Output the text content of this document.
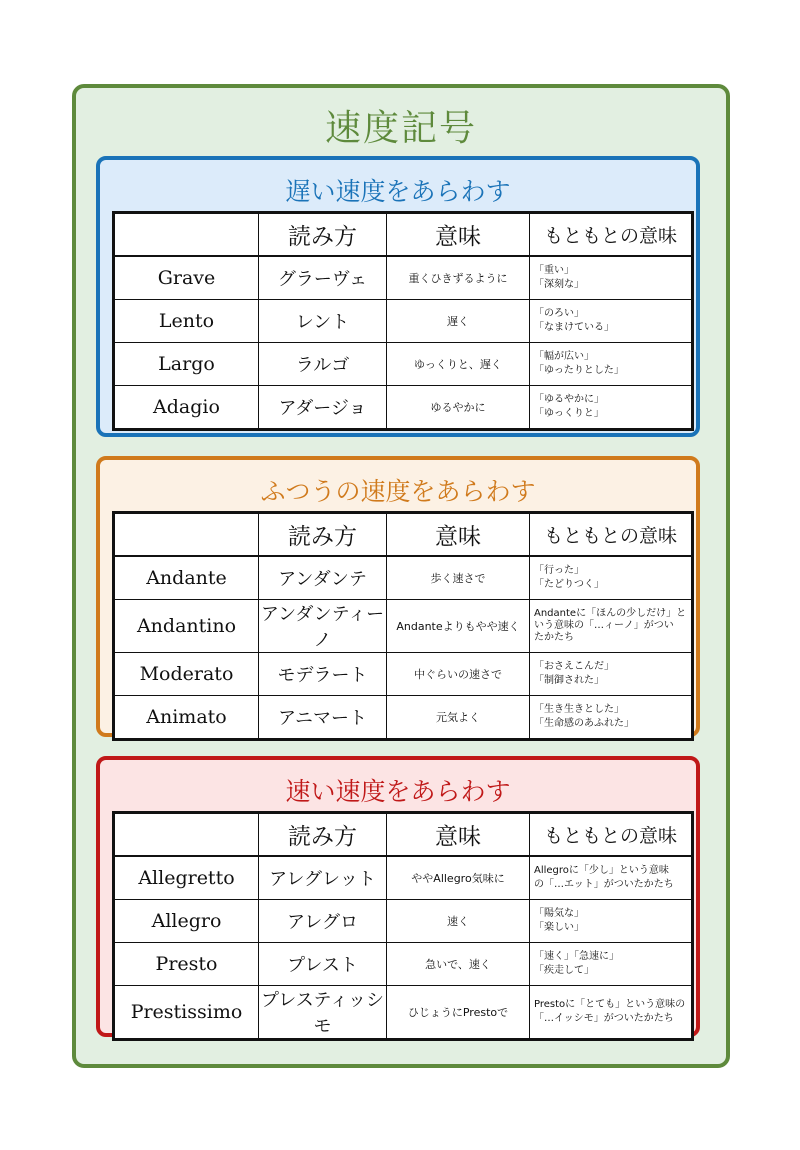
速度記号
遅い速度をあらわす
	読み方	意味	もともとの意味
Grave	グラーヴェ	重くひきずるように	「重い」
「深刻な」

Lento	レント	遅く	「のろい」
「なまけている」

Largo	ラルゴ	ゆっくりと、遅く	「幅が広い」
「ゆったりとした」

Adagio	アダージョ	ゆるやかに	「ゆるやかに」
「ゆっくりと」
ふつうの速度をあらわす
	読み方	意味	もともとの意味
Andante	アンダンテ	歩く速さで	「行った」
「たどりつく」

Andantino	アンダンティーノ	Andanteよりもやや速く	Andanteに「ほんの少しだけ」と
いう意味の「…ィーノ」がつい
たかたち

Moderato	モデラート	中ぐらいの速さで	「おさえこんだ」
「制御された」

Animato	アニマート	元気よく	「生き生きとした」
「生命感のあふれた」
速い速度をあらわす
	読み方	意味	もともとの意味
Allegretto	アレグレット	ややAllegro気味に	Allegroに「少し」という意味
の「…エット」がついたかたち

Allegro	アレグロ	速く	「陽気な」
「楽しい」

Presto	プレスト	急いで、速く	「速く」「急速に」
「疾走して」

Prestissimo	プレスティッシモ	ひじょうにPrestoで	Prestoに「とても」という意味の
「…イッシモ」がついたかたち
